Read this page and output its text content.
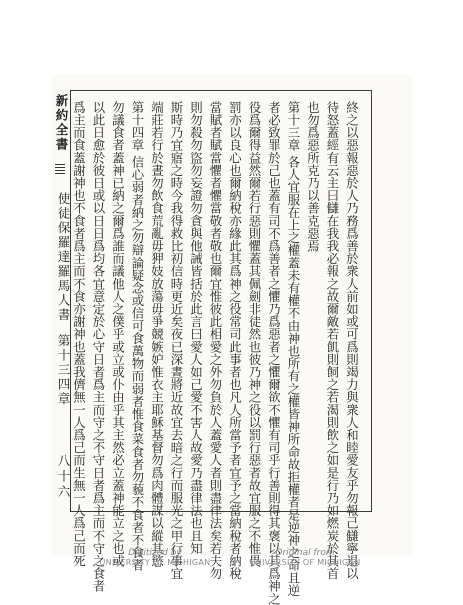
新約全書
使徒保羅達羅馬人書
第十三四章
八十六	終之以惡報惡於人乃務爲善於衆人前如或可爲則竭力與衆人和睦愛友乎勿報己讎寧退以
待怒蓋經有云主曰讎在我我必報之故爾敵若飢則飼之若渴則飲之如是行乃如燃炭於其首
也勿爲惡所克乃以善克惡焉
第十三章 各人宜服在上之權蓋未有權不由神也所有之權皆神所命故拒權者是逆神之命且逆
者必致罪於己也蓋有司不爲善者之懼乃爲惡者之懼爾欲不懼有司乎行善則得其褒以其爲神之
役爲爾得益然爾若行惡則懼蓋其佩劍非徒然也彼乃神之役以罰行惡者故宜服之不惟畏
罰亦以良心也爾納稅亦緣此其爲神之役常司此事者也凡人所當予者宜予之當納稅者納稅
當賦者賦當懼者懼當敬者敬也爾宜惟彼此相愛之外勿負於人蓋愛人者則盡律法矣若夫勿
則勿殺勿盜勿妄證勿貪與他誡皆括於此言曰愛人如己愛不害人故愛乃盡律法也且知
斯時乃宜寤之時今我得救比初信時更近矣夜已深晝將近故宜去暗之行而服光之甲行事宜
端莊若行於晝勿飲食荒亂毋狎妓放蕩毋爭競嫉妒惟衣主耶穌基督勿爲肉體謀以縱其慾
第十四章 信心弱者納之勿辯論疑念或信可食萬物而弱者惟食菜食者勿藐不食者不食者
勿議食者蓋神已納之爾爲誰而議他人之僕乎或立或仆由乎其主然必立蓋神能立之也或
以此日愈於彼日或以日日爲均各宜意定於心守日者爲主而守之不守日者爲主而不守之食者
爲主而食蓋謝神也不食者爲主而不食亦謝神也蓋我儕無一人爲己而生無一人爲己而死	Digitized by
UNIVERSITY OF MICHIGAN
Original from
UNIVERSITY OF MICHIGAN
